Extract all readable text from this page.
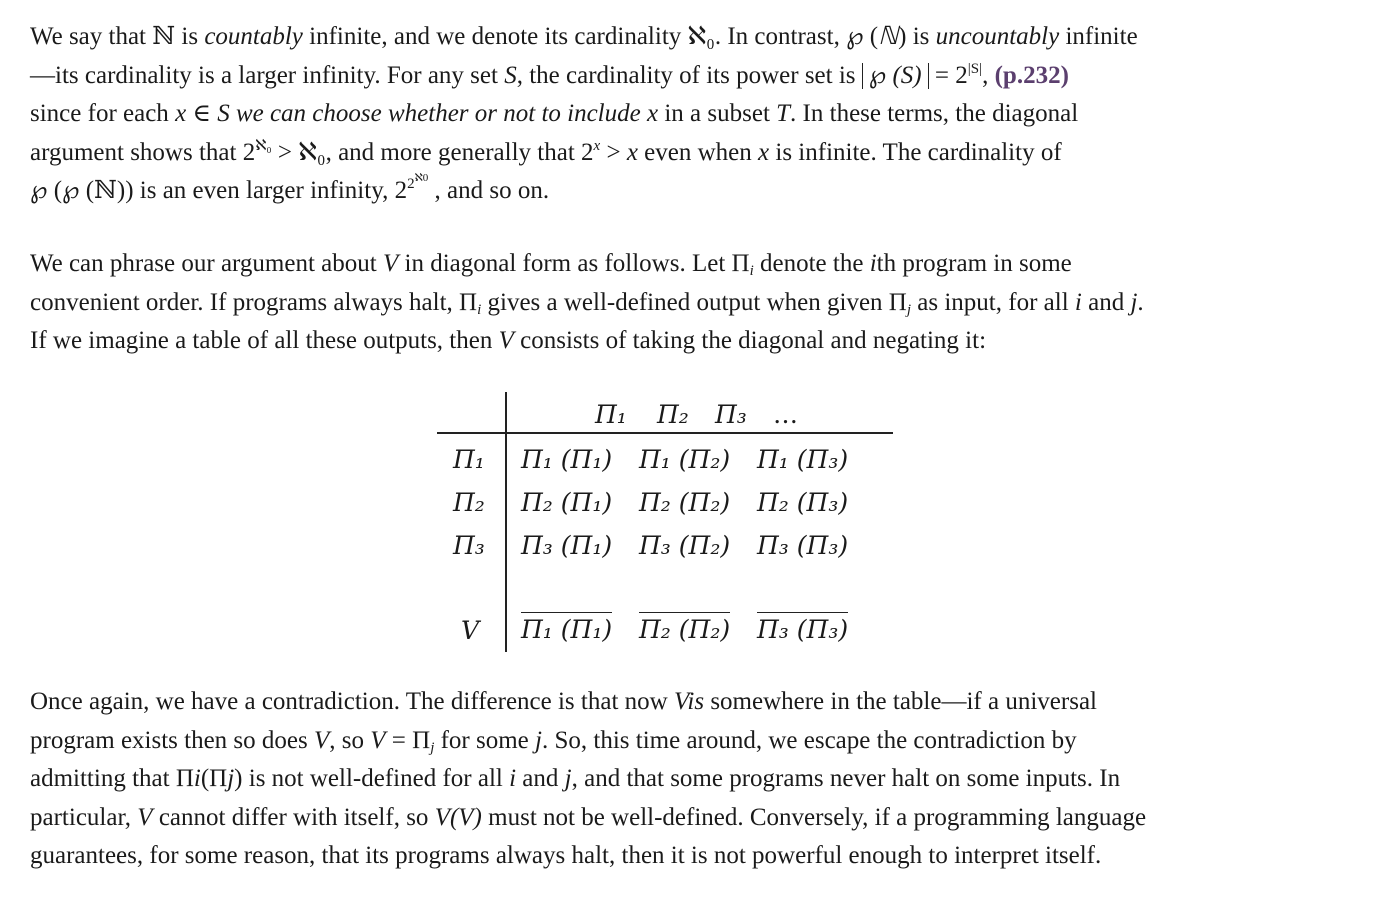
We say that ℕ is countably infinite, and we denote its cardinality ℵ₀. In contrast, ℘ (ℕ) is uncountably infinite
—its cardinality is a larger infinity. For any set S, the cardinality of its power set is ℘ $(S) = 2^{|S|}$, (p.232)
since for each x ∈ S we can choose whether or not to include x in a subset T. In these terms, the diagonal
argument shows that $2^{ℵ_0}$ > ℵ₀, and more generally that $2^x > x$ even when x is infinite. The cardinality of
℘ (℘ (ℕ)) is an even larger infinity, $2^{2^{ℵ0}}$ , and so on.

We can phrase our argument about V in diagonal form as follows. Let $\Pi_i$ denote the ith program in some
convenient order. If programs always halt, $\Pi_i$ gives a well-defined output when given $\Pi_j$ as input, for all i and j.
If we imagine a table of all these outputs, then V consists of taking the diagonal and negating it:

Π₁ Π₂ Π₃ …
Π₁
Π₂
Π₃
Π₁ (Π₁) Π₁ (Π₂) Π₁ (Π₃)
Π₂ (Π₁) Π₂ (Π₂) Π₂ (Π₃)
Π₃ (Π₁) Π₃ (Π₂) Π₃ (Π₃)
V Π₁ (Π₁) Π₂ (Π₂) Π₃ (Π₃)

Once again, we have a contradiction. The difference is that now Vis somewhere in the table—if a universal
program exists then so does V, so $V = \Pi_j$ for some j. So, this time around, we escape the contradiction by
admitting that Πi(Πj) is not well-defined for all i and j, and that some programs never halt on some inputs. In
particular, V cannot differ with itself, so V(V) must not be well-defined. Conversely, if a programming language
guarantees, for some reason, that its programs always halt, then it is not powerful enough to interpret itself.
